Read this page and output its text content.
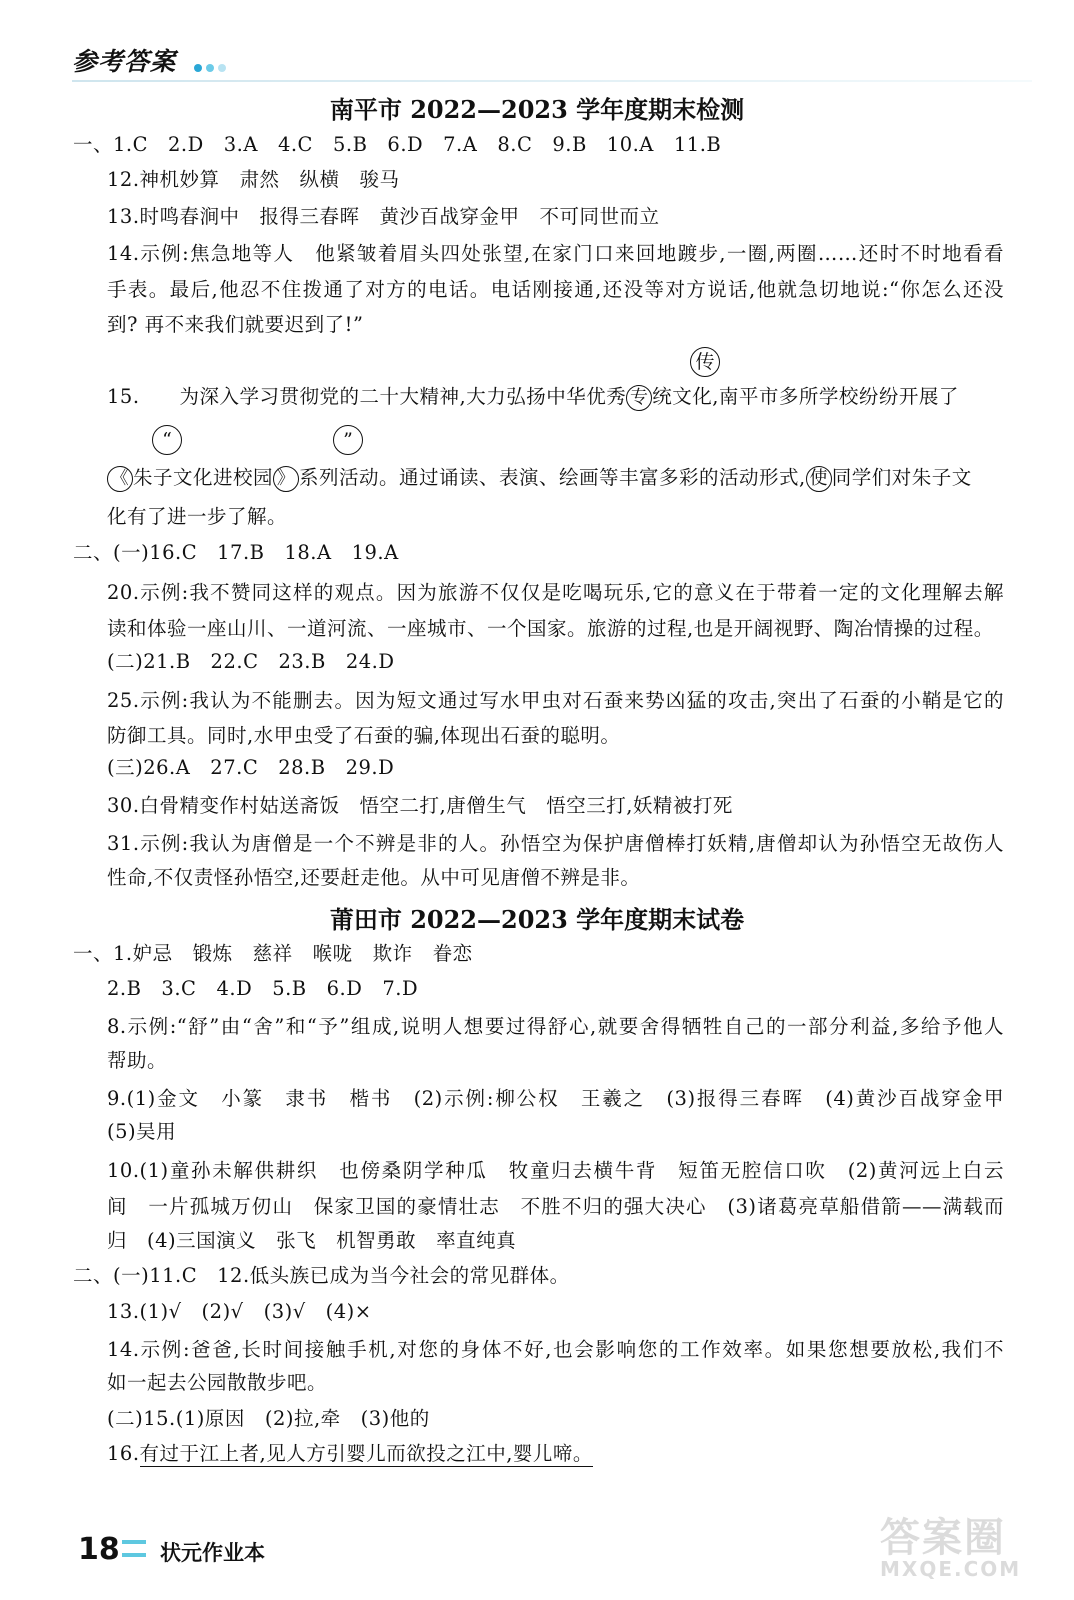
参考答案
南平市 2022—2023 学年度期末检测
一、1.C　2.D　3.A　4.C　5.B　6.D　7.A　8.C　9.B　10.A　11.B
12.神机妙算　肃然　纵横　骏马
13.时鸣春涧中　报得三春晖　黄沙百战穿金甲　不可同世而立
14.示例:焦急地等人　他紧皱着眉头四处张望,在家门口来回地踱步,一圈,两圈……还时不时地看看
手表。最后,他忍不住拨通了对方的电话。电话刚接通,还没等对方说话,他就急切地说:“你怎么还没
到? 再不来我们就要迟到了!”
传
15. 为深入学习贯彻党的二十大精神,大力弘扬中华优秀 专 统文化,南平市多所学校纷纷开展了
“	”
《 朱子文化进校园 》 系列活动。通过诵读、表演、绘画等丰富多彩的活动形式, 使 同学们对朱子文
化有了进一步了解。
二、(一)16.C　17.B　18.A　19.A
20.示例:我不赞同这样的观点。因为旅游不仅仅是吃喝玩乐,它的意义在于带着一定的文化理解去解
读和体验一座山川、一道河流、一座城市、一个国家。旅游的过程,也是开阔视野、陶冶情操的过程。
(二)21.B　22.C　23.B　24.D
25.示例:我认为不能删去。因为短文通过写水甲虫对石蚕来势凶猛的攻击,突出了石蚕的小鞘是它的
防御工具。同时,水甲虫受了石蚕的骗,体现出石蚕的聪明。
(三)26.A　27.C　28.B　29.D
30.白骨精变作村姑送斋饭　悟空二打,唐僧生气　悟空三打,妖精被打死
31.示例:我认为唐僧是一个不辨是非的人。孙悟空为保护唐僧棒打妖精,唐僧却认为孙悟空无故伤人
性命,不仅责怪孙悟空,还要赶走他。从中可见唐僧不辨是非。
莆田市 2022—2023 学年度期末试卷
一、1.妒忌　锻炼　慈祥　喉咙　欺诈　眷恋
2.B　3.C　4.D　5.B　6.D　7.D
8.示例:“舒”由“舍”和“予”组成,说明人想要过得舒心,就要舍得牺牲自己的一部分利益,多给予他人
帮助。
9.(1)金文　小篆　隶书　楷书　(2)示例:柳公权　王羲之　(3)报得三春晖　(4)黄沙百战穿金甲
(5)吴用
10.(1)童孙未解供耕织　也傍桑阴学种瓜　牧童归去横牛背　短笛无腔信口吹　(2)黄河远上白云
间　一片孤城万仞山　保家卫国的豪情壮志　不胜不归的强大决心　(3)诸葛亮草船借箭——满载而
归　(4)三国演义　张飞　机智勇敢　率直纯真
二、(一)11.C　12.低头族已成为当今社会的常见群体。
13.(1)√　(2)√　(3)√　(4)×
14.示例:爸爸,长时间接触手机,对您的身体不好,也会影响您的工作效率。如果您想要放松,我们不
如一起去公园散散步吧。
(二)15.(1)原因　(2)拉,牵　(3)他的
16.有过于江上者,见人方引婴儿而欲投之江中,婴儿啼。
18 状元作业本	答案圈
MXQE.COM
